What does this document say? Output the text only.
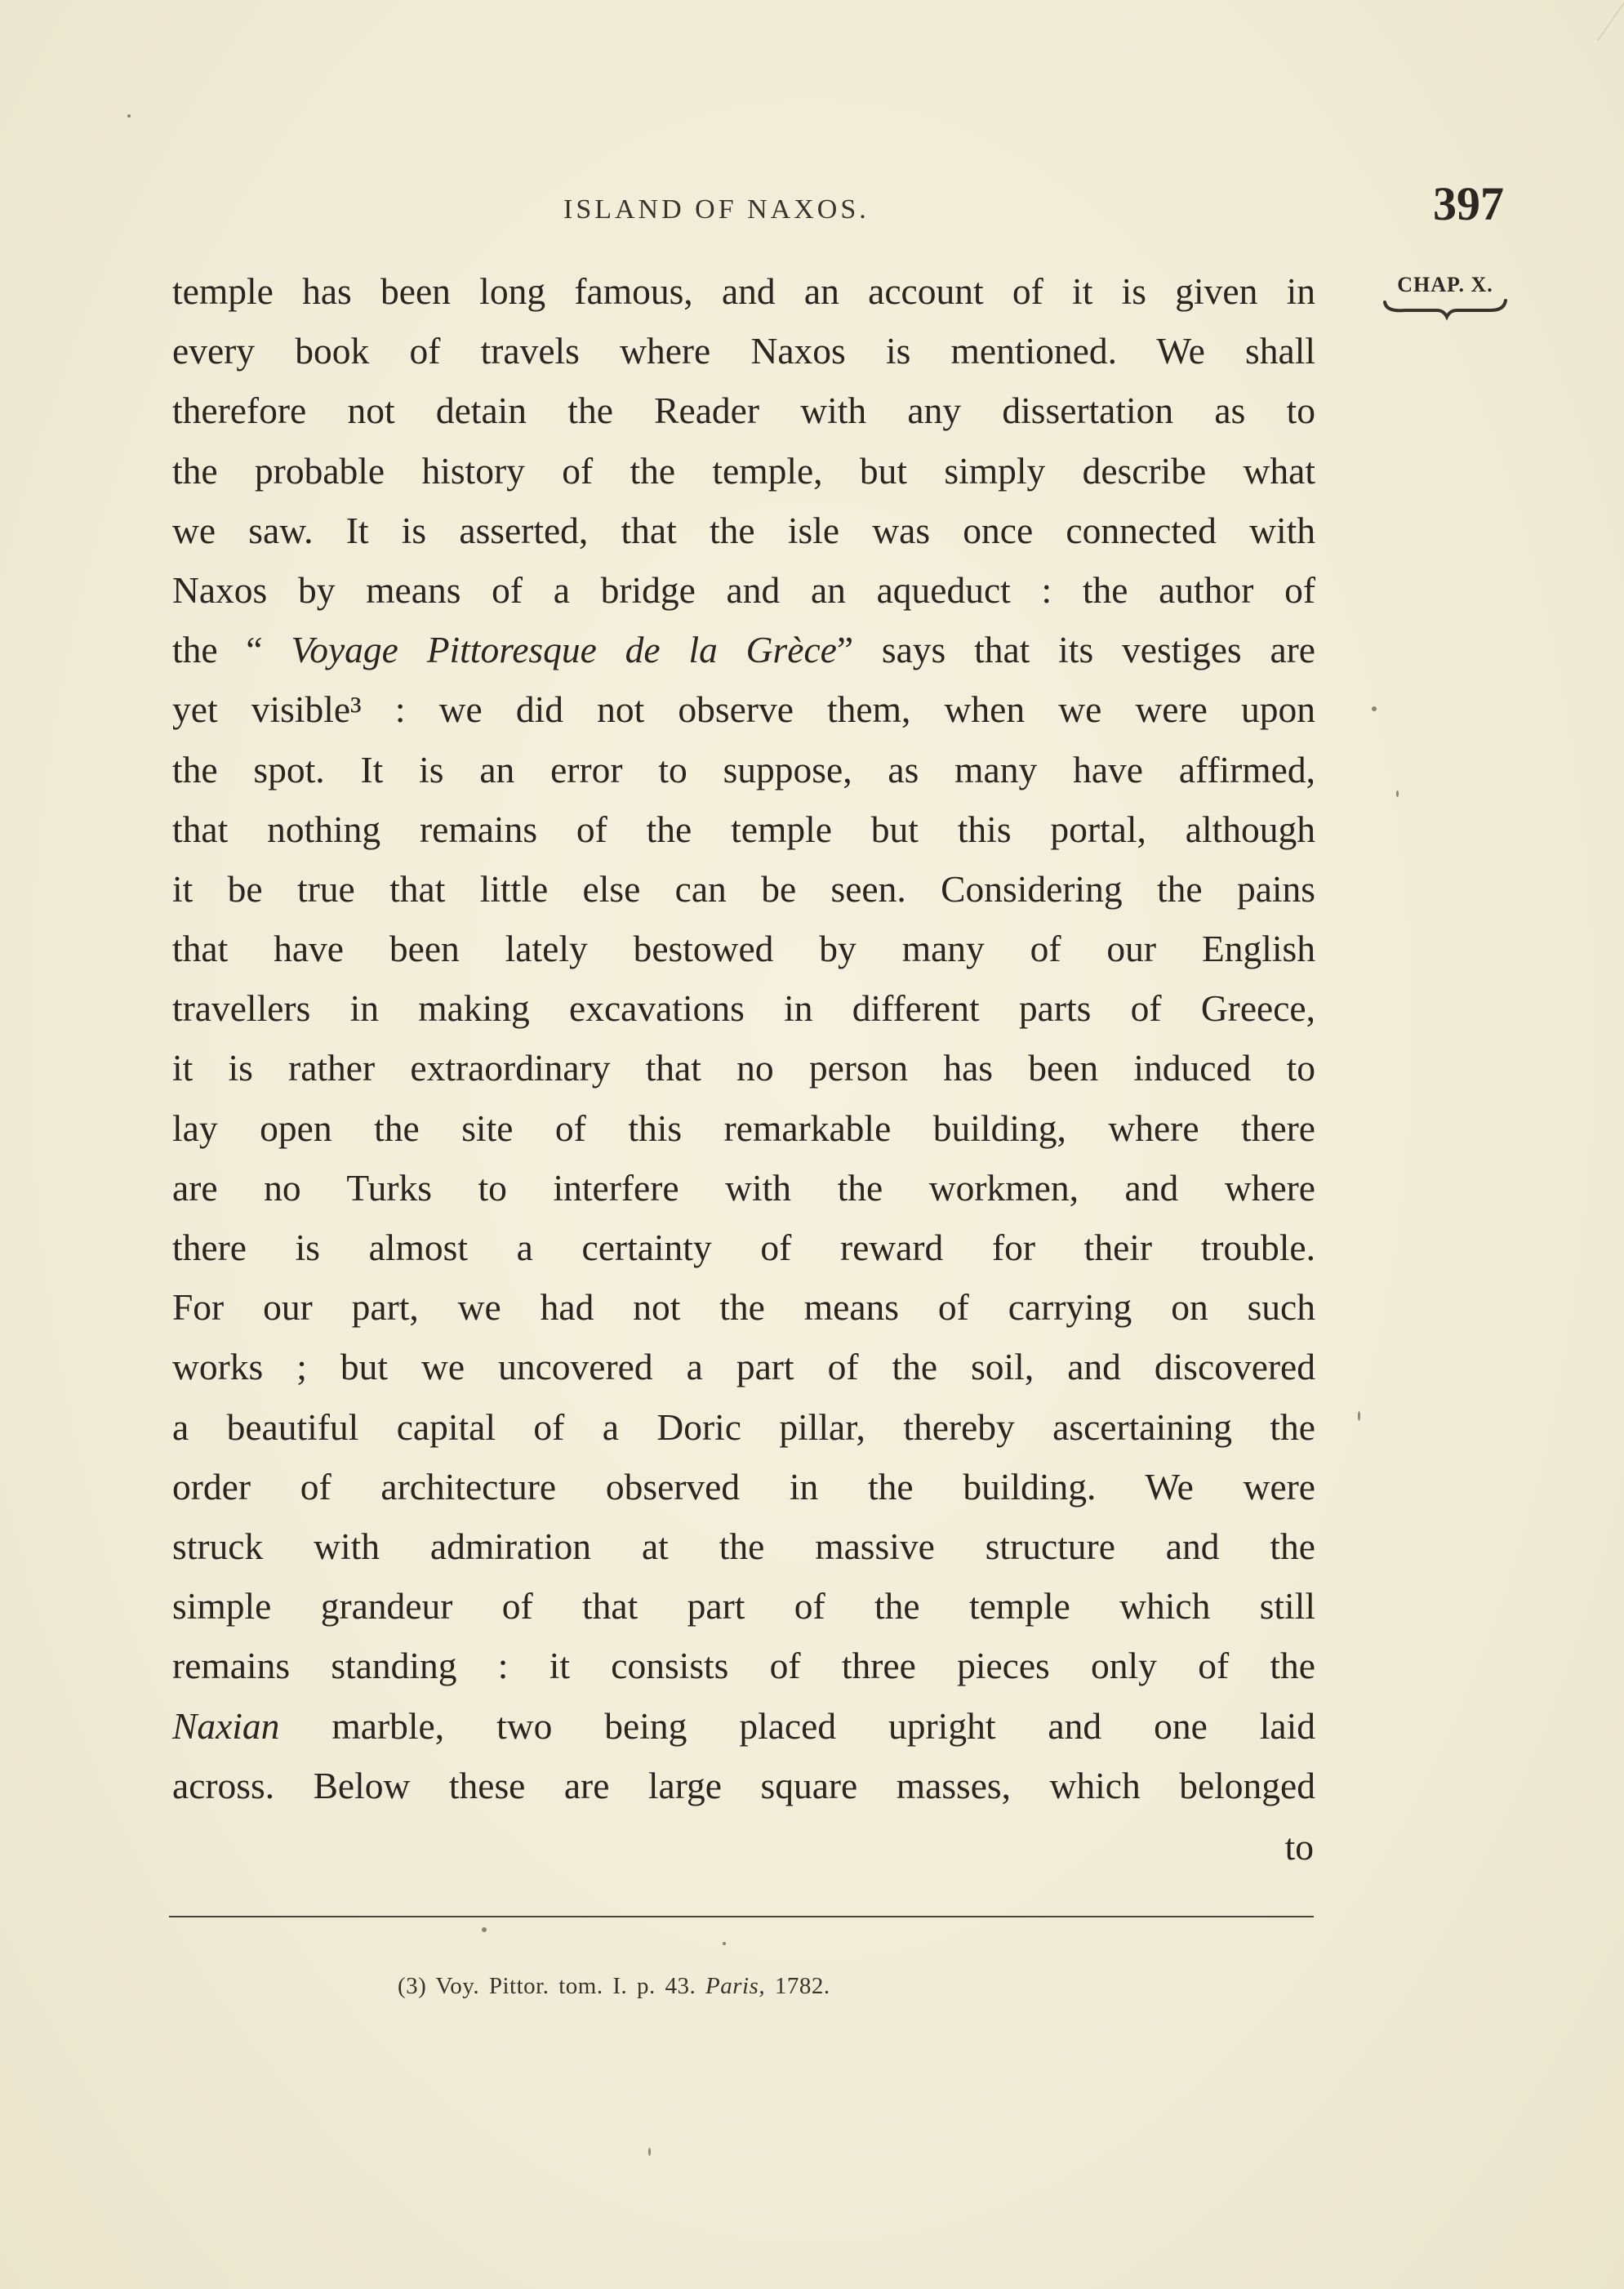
ISLAND OF NAXOS.	397
CHAP. X.
temple has been long famous, and an account of it is given in
every book of travels where Naxos is mentioned. We shall
therefore not detain the Reader with any dissertation as to
the probable history of the temple, but simply describe what
we saw. It is asserted, that the isle was once connected with
Naxos by means of a bridge and an aqueduct : the author of
the “ Voyage Pittoresque de la Grèce” says that its vestiges are
yet visible³ : we did not observe them, when we were upon
the spot. It is an error to suppose, as many have affirmed,
that nothing remains of the temple but this portal, although
it be true that little else can be seen. Considering the pains
that have been lately bestowed by many of our English
travellers in making excavations in different parts of Greece,
it is rather extraordinary that no person has been induced to
lay open the site of this remarkable building, where there
are no Turks to interfere with the workmen, and where
there is almost a certainty of reward for their trouble.
For our part, we had not the means of carrying on such
works ; but we uncovered a part of the soil, and discovered
a beautiful capital of a Doric pillar, thereby ascertaining the
order of architecture observed in the building. We were
struck with admiration at the massive structure and the
simple grandeur of that part of the temple which still
remains standing : it consists of three pieces only of the
Naxian marble, two being placed upright and one laid
across. Below these are large square masses, which belonged
to
(3) Voy. Pittor. tom. I. p. 43. Paris, 1782.
